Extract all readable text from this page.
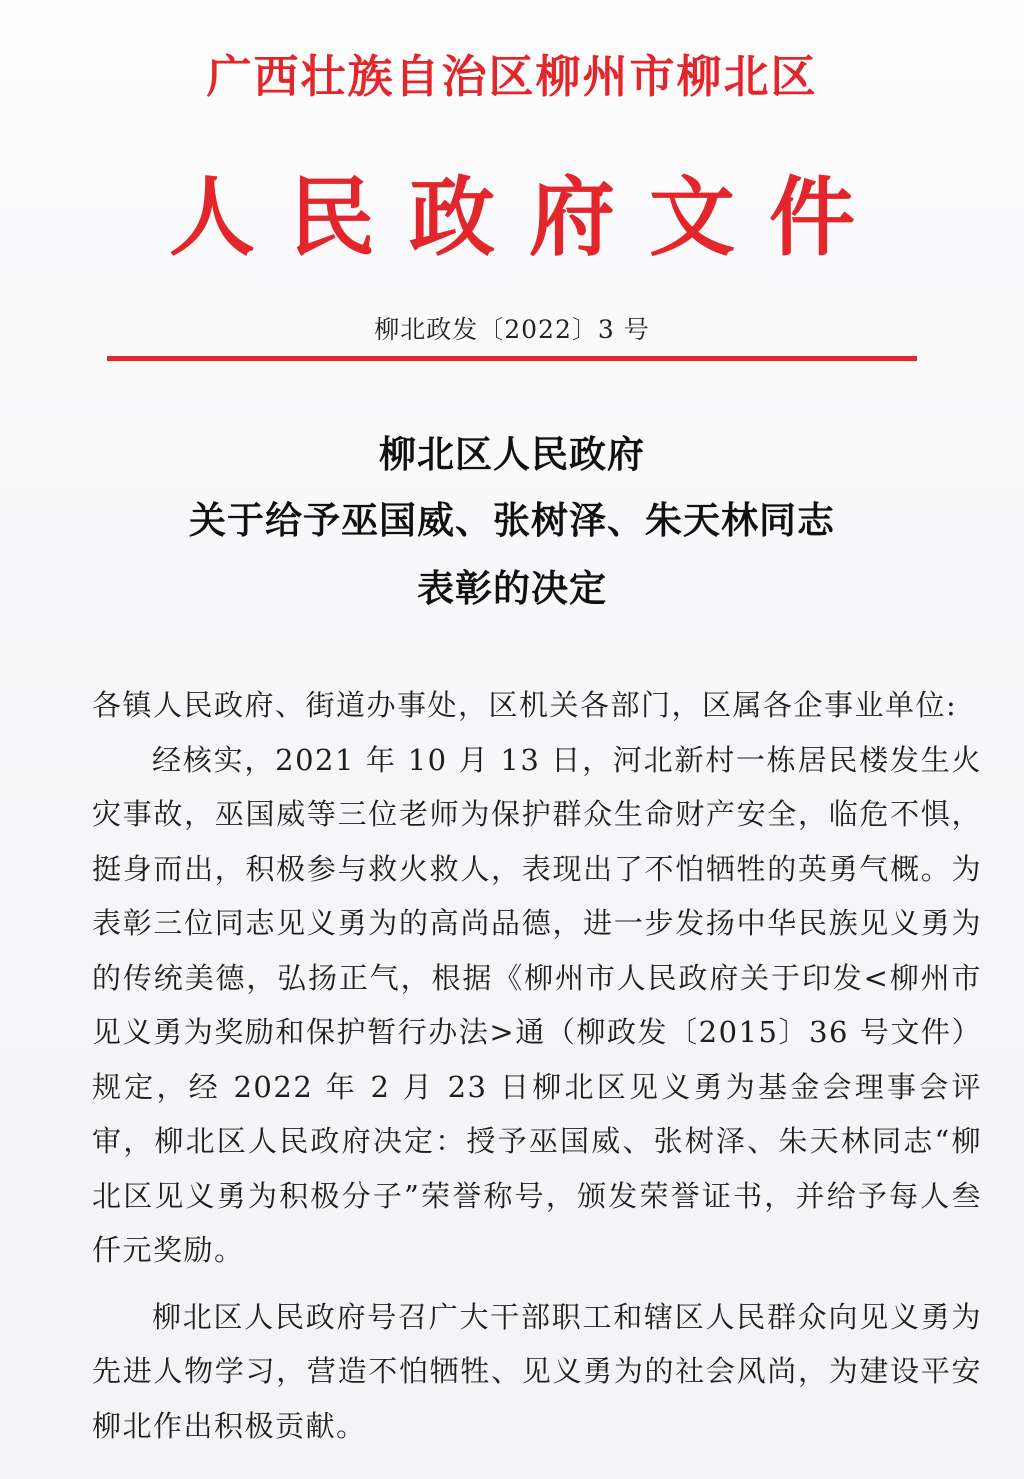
广西壮族自治区柳州市柳北区
人民政府文件
柳北政发〔2022〕3 号
柳北区人民政府
关于给予巫国威、张树泽、朱天林同志
表彰的决定

各镇人民政府、街道办事处，区机关各部门，区属各企事业单位:

经核实，2021 年 10 月 13 日，河北新村一栋居民楼发生火灾事故，巫国威等三位老师为保护群众生命财产安全，临危不惧，挺身而出，积极参与救火救人，表现出了不怕牺牲的英勇气概。为表彰三位同志见义勇为的高尚品德，进一步发扬中华民族见义勇为的传统美德，弘扬正气，根据《柳州市人民政府关于印发<柳州市见义勇为奖励和保护暂行办法>通（柳政发〔2015〕36 号文件）规定，经 2022 年 2 月 23 日柳北区见义勇为基金会理事会评审，柳北区人民政府决定：授予巫国威、张树泽、朱天林同志“柳北区见义勇为积极分子”荣誉称号，颁发荣誉证书，并给予每人叁仟元奖励。

柳北区人民政府号召广大干部职工和辖区人民群众向见义勇为先进人物学习，营造不怕牺牲、见义勇为的社会风尚，为建设平安柳北作出积极贡献。
